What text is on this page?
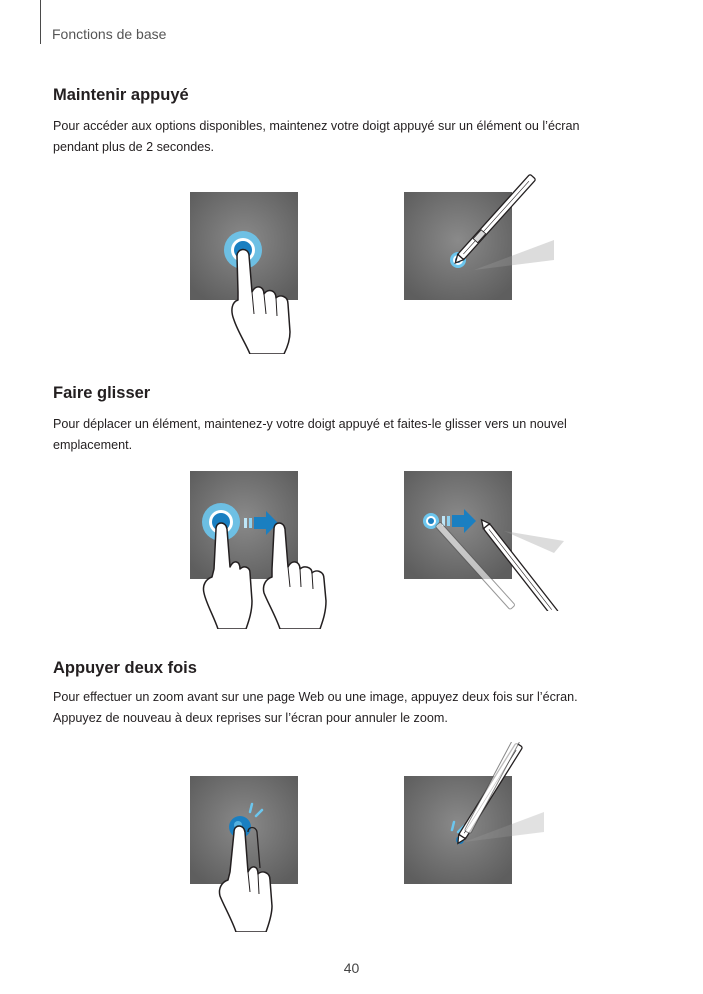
Fonctions de base
Maintenir appuyé

Pour accéder aux options disponibles, maintenez votre doigt appuyé sur un élément ou l’écran
pendant plus de 2 secondes.

Faire glisser

Pour déplacer un élément, maintenez-y votre doigt appuyé et faites-le glisser vers un nouvel
emplacement.

Appuyer deux fois

Pour effectuer un zoom avant sur une page Web ou une image, appuyez deux fois sur l’écran.
Appuyez de nouveau à deux reprises sur l’écran pour annuler le zoom.

40
